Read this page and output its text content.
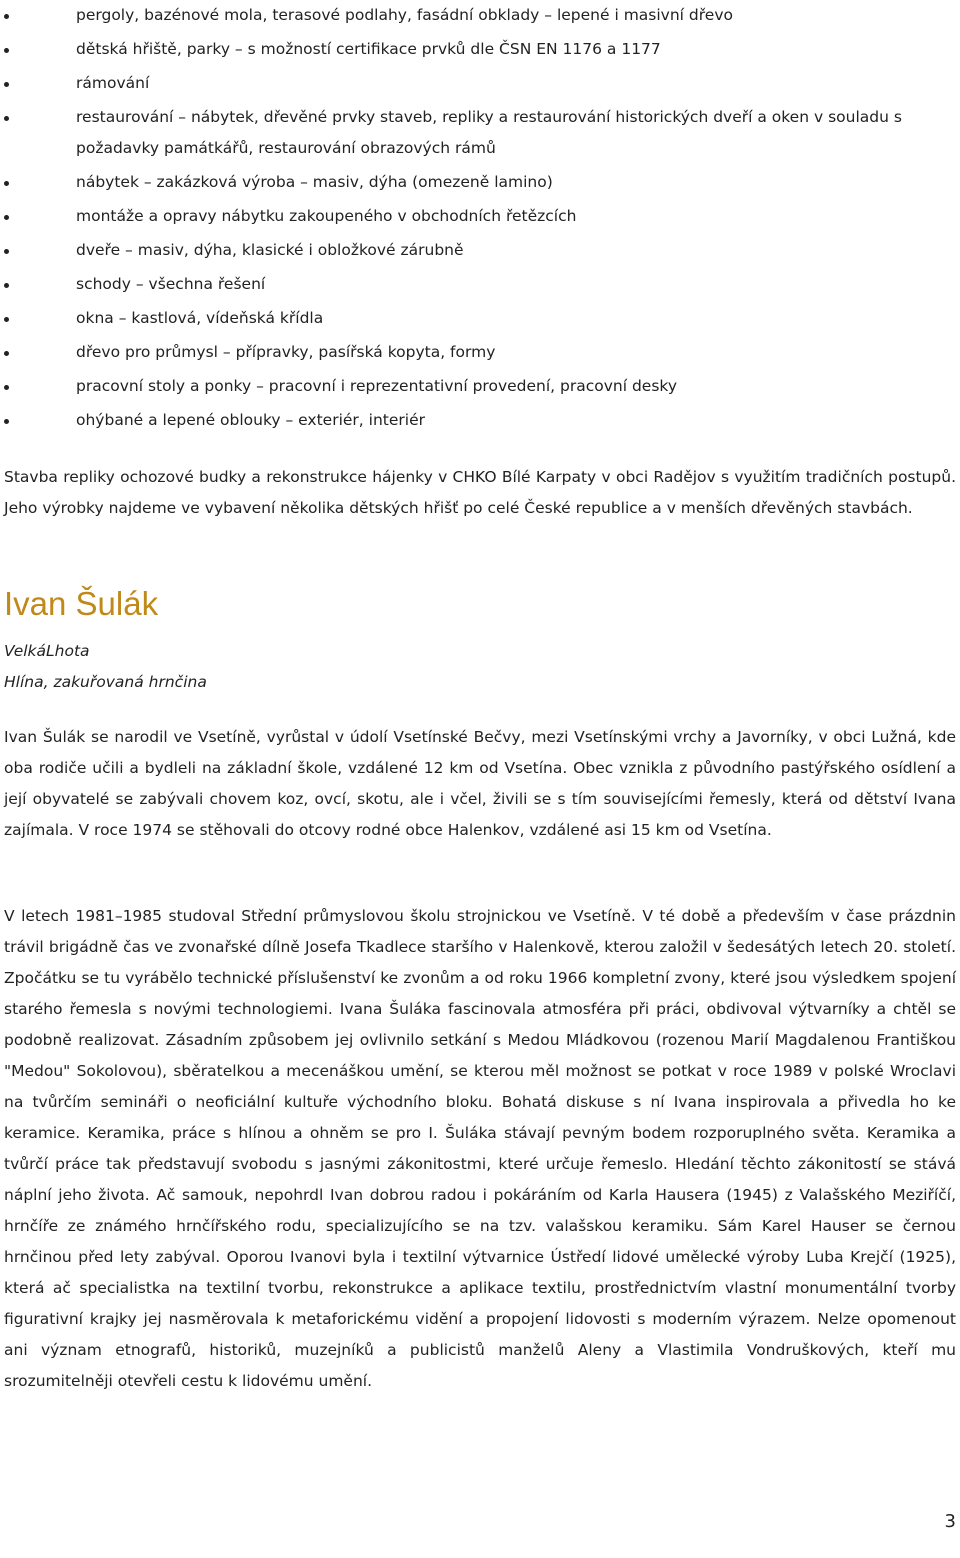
pergoly, bazénové mola, terasové podlahy, fasádní obklady – lepené i masivní dřevo
dětská hřiště, parky – s možností certifikace prvků dle ČSN EN 1176 a 1177
rámování
restaurování – nábytek, dřevěné prvky staveb, repliky a restaurování historických dveří a oken v souladu s požadavky památkářů, restaurování obrazových rámů
nábytek – zakázková výroba – masiv, dýha (omezeně lamino)
montáže a opravy nábytku zakoupeného v obchodních řetězcích
dveře – masiv, dýha, klasické i obložkové zárubně
schody – všechna řešení
okna – kastlová, vídeňská křídla
dřevo pro průmysl – přípravky, pasířská kopyta, formy
pracovní stoly a ponky – pracovní i reprezentativní provedení, pracovní desky
ohýbané a lepené oblouky – exteriér, interiér

Stavba repliky ochozové budky a rekonstrukce hájenky v CHKO Bílé Karpaty v obci Radějov s využitím tradičních postupů. Jeho výrobky najdeme ve vybavení několika dětských hřišť po celé České republice a v menších dřevěných stavbách.

Ivan Šulák

VelkáLhota

Hlína, zakuřovaná hrnčina

Ivan Šulák se narodil ve Vsetíně, vyrůstal v údolí Vsetínské Bečvy, mezi Vsetínskými vrchy a Javorníky, v obci Lužná, kde oba rodiče učili a bydleli na základní škole, vzdálené 12 km od Vsetína. Obec vznikla z původního pastýřského osídlení a její obyvatelé se zabývali chovem koz, ovcí, skotu, ale i včel, živili se s tím souvisejícími řemesly, která od dětství Ivana zajímala. V roce 1974 se stěhovali do otcovy rodné obce Halenkov, vzdálené asi 15 km od Vsetína.

V letech 1981–1985 studoval Střední průmyslovou školu strojnickou ve Vsetíně. V té době a především v čase prázdnin trávil brigádně čas ve zvonařské dílně Josefa Tkadlece staršího v Halenkově, kterou založil v šedesátých letech 20. století. Zpočátku se tu vyrábělo technické příslušenství ke zvonům a od roku 1966 kompletní zvony, které jsou výsledkem spojení starého řemesla s novými technologiemi. Ivana Šuláka fascinovala atmosféra při práci, obdivoval výtvarníky a chtěl se podobně realizovat. Zásadním způsobem jej ovlivnilo setkání s Medou Mládkovou (rozenou Marií Magdalenou Františkou "Medou" Sokolovou), sběratelkou a mecenáškou umění, se kterou měl možnost se potkat v roce 1989 v polské Wroclavi na tvůrčím semináři o neoficiální kultuře východního bloku. Bohatá diskuse s ní Ivana inspirovala a přivedla ho ke keramice. Keramika, práce s hlínou a ohněm se pro I. Šuláka stávají pevným bodem rozporuplného světa. Keramika a tvůrčí práce tak představují svobodu s jasnými zákonitostmi, které určuje řemeslo. Hledání těchto zákonitostí se stává náplní jeho života. Ač samouk, nepohrdl Ivan dobrou radou i pokáráním od Karla Hausera (1945) z Valašského Meziříčí, hrnčíře ze známého hrnčířského rodu, specializujícího se na tzv. valašskou keramiku. Sám Karel Hauser se černou hrnčinou před lety zabýval. Oporou Ivanovi byla i textilní výtvarnice Ústředí lidové umělecké výroby Luba Krejčí (1925), která ač specialistka na textilní tvorbu, rekonstrukce a aplikace textilu, prostřednictvím vlastní monumentální tvorby figurativní krajky jej nasměrovala k metaforickému vidění a propojení lidovosti s moderním výrazem. Nelze opomenout ani význam etnografů, historiků, muzejníků a publicistů manželů Aleny a Vlastimila Vondruškových, kteří mu srozumitelněji otevřeli cestu k lidovému umění.

3
